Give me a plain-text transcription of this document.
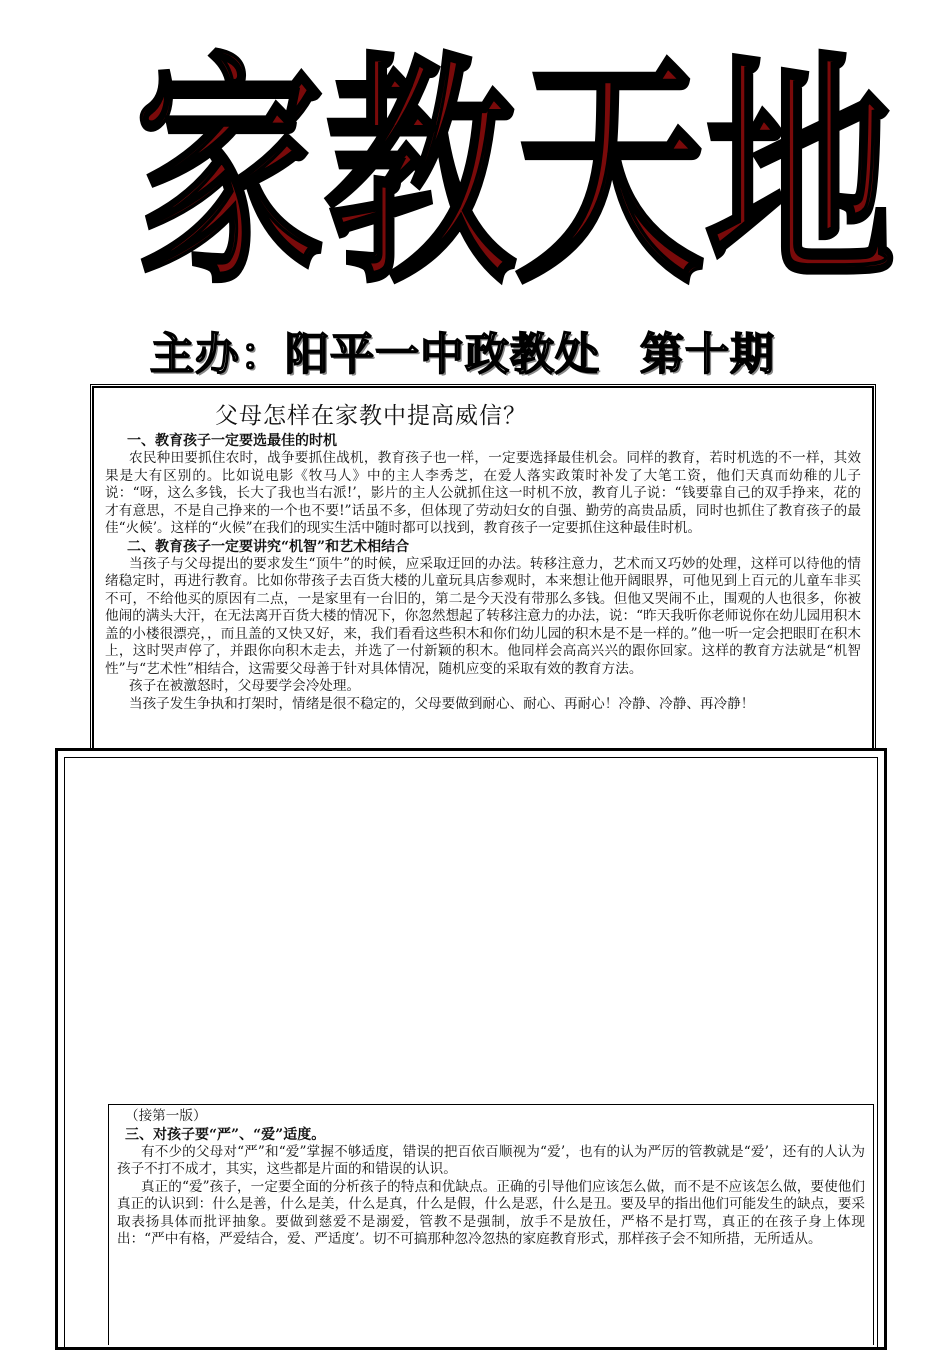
家 教 天 地
主办：阳平一中政教处 第十期
父母怎样在家教中提高威信？

一、教育孩子一定要选最佳的时机

农民种田要抓住农时，战争要抓住战机，教育孩子也一样，一定要选择最佳机会。同样的教育，若时机选的不一样，其效果是大有区别的。比如说电影《牧马人》中的主人李秀芝，在爱人落实政策时补发了大笔工资，他们天真而幼稚的儿子说：“呀，这么多钱，长大了我也当右派!’，影片的主人公就抓住这一时机不放，教育儿子说：“钱要靠自己的双手挣来，花的才有意思，不是自己挣来的一个也不要!”话虽不多，但体现了劳动妇女的自强、勤劳的高贵品质，同时也抓住了教育孩子的最佳“火候’。这样的“火候”在我们的现实生活中随时都可以找到，教育孩子一定要抓住这种最佳时机。

二、教育孩子一定要讲究“机智”和艺术相结合

当孩子与父母提出的要求发生“顶牛”的时候，应采取迂回的办法。转移注意力，艺术而又巧妙的处理，这样可以待他的情绪稳定时，再进行教育。比如你带孩子去百货大楼的儿童玩具店参观时，本来想让他开阔眼界，可他见到上百元的儿童车非买不可，不给他买的原因有二点，一是家里有一台旧的，第二是今天没有带那么多钱。但他又哭闹不止，围观的人也很多，你被他闹的满头大汗，在无法离开百货大楼的情况下，你忽然想起了转移注意力的办法，说：“昨天我听你老师说你在幼儿园用积木盖的小楼很漂亮，，而且盖的又快又好，来，我们看看这些积木和你们幼儿园的积木是不是一样的。”他一听一定会把眼盯在积木上，这时哭声停了，并跟你向积木走去，并选了一付新颖的积木。他同样会高高兴兴的跟你回家。这样的教育方法就是“机智性”与“艺术性”相结合，这需要父母善于针对具体情况，随机应变的采取有效的教育方法。

孩子在被激怒时，父母要学会冷处理。

当孩子发生争执和打架时，情绪是很不稳定的，父母要做到耐心、耐心、再耐心！冷静、冷静、再冷静！

（接第一版）

三、对孩子要“严”、“爱”适度。

有不少的父母对“严”和“爱”掌握不够适度，错误的把百依百顺视为“爱’，也有的认为严厉的管教就是“爱’，还有的人认为孩子不打不成才，其实，这些都是片面的和错误的认识。

真正的“爱”孩子，一定要全面的分析孩子的特点和优缺点。正确的引导他们应该怎么做，而不是不应该怎么做，要使他们真正的认识到：什么是善，什么是美，什么是真，什么是假，什么是恶，什么是丑。要及早的指出他们可能发生的缺点，要采取表扬具体而批评抽象。要做到慈爱不是溺爱，管教不是强制，放手不是放任，严格不是打骂，真正的在孩子身上体现出：“严中有格，严爱结合，爱、严适度’。切不可搞那种忽冷忽热的家庭教育形式，那样孩子会不知所措，无所适从。
